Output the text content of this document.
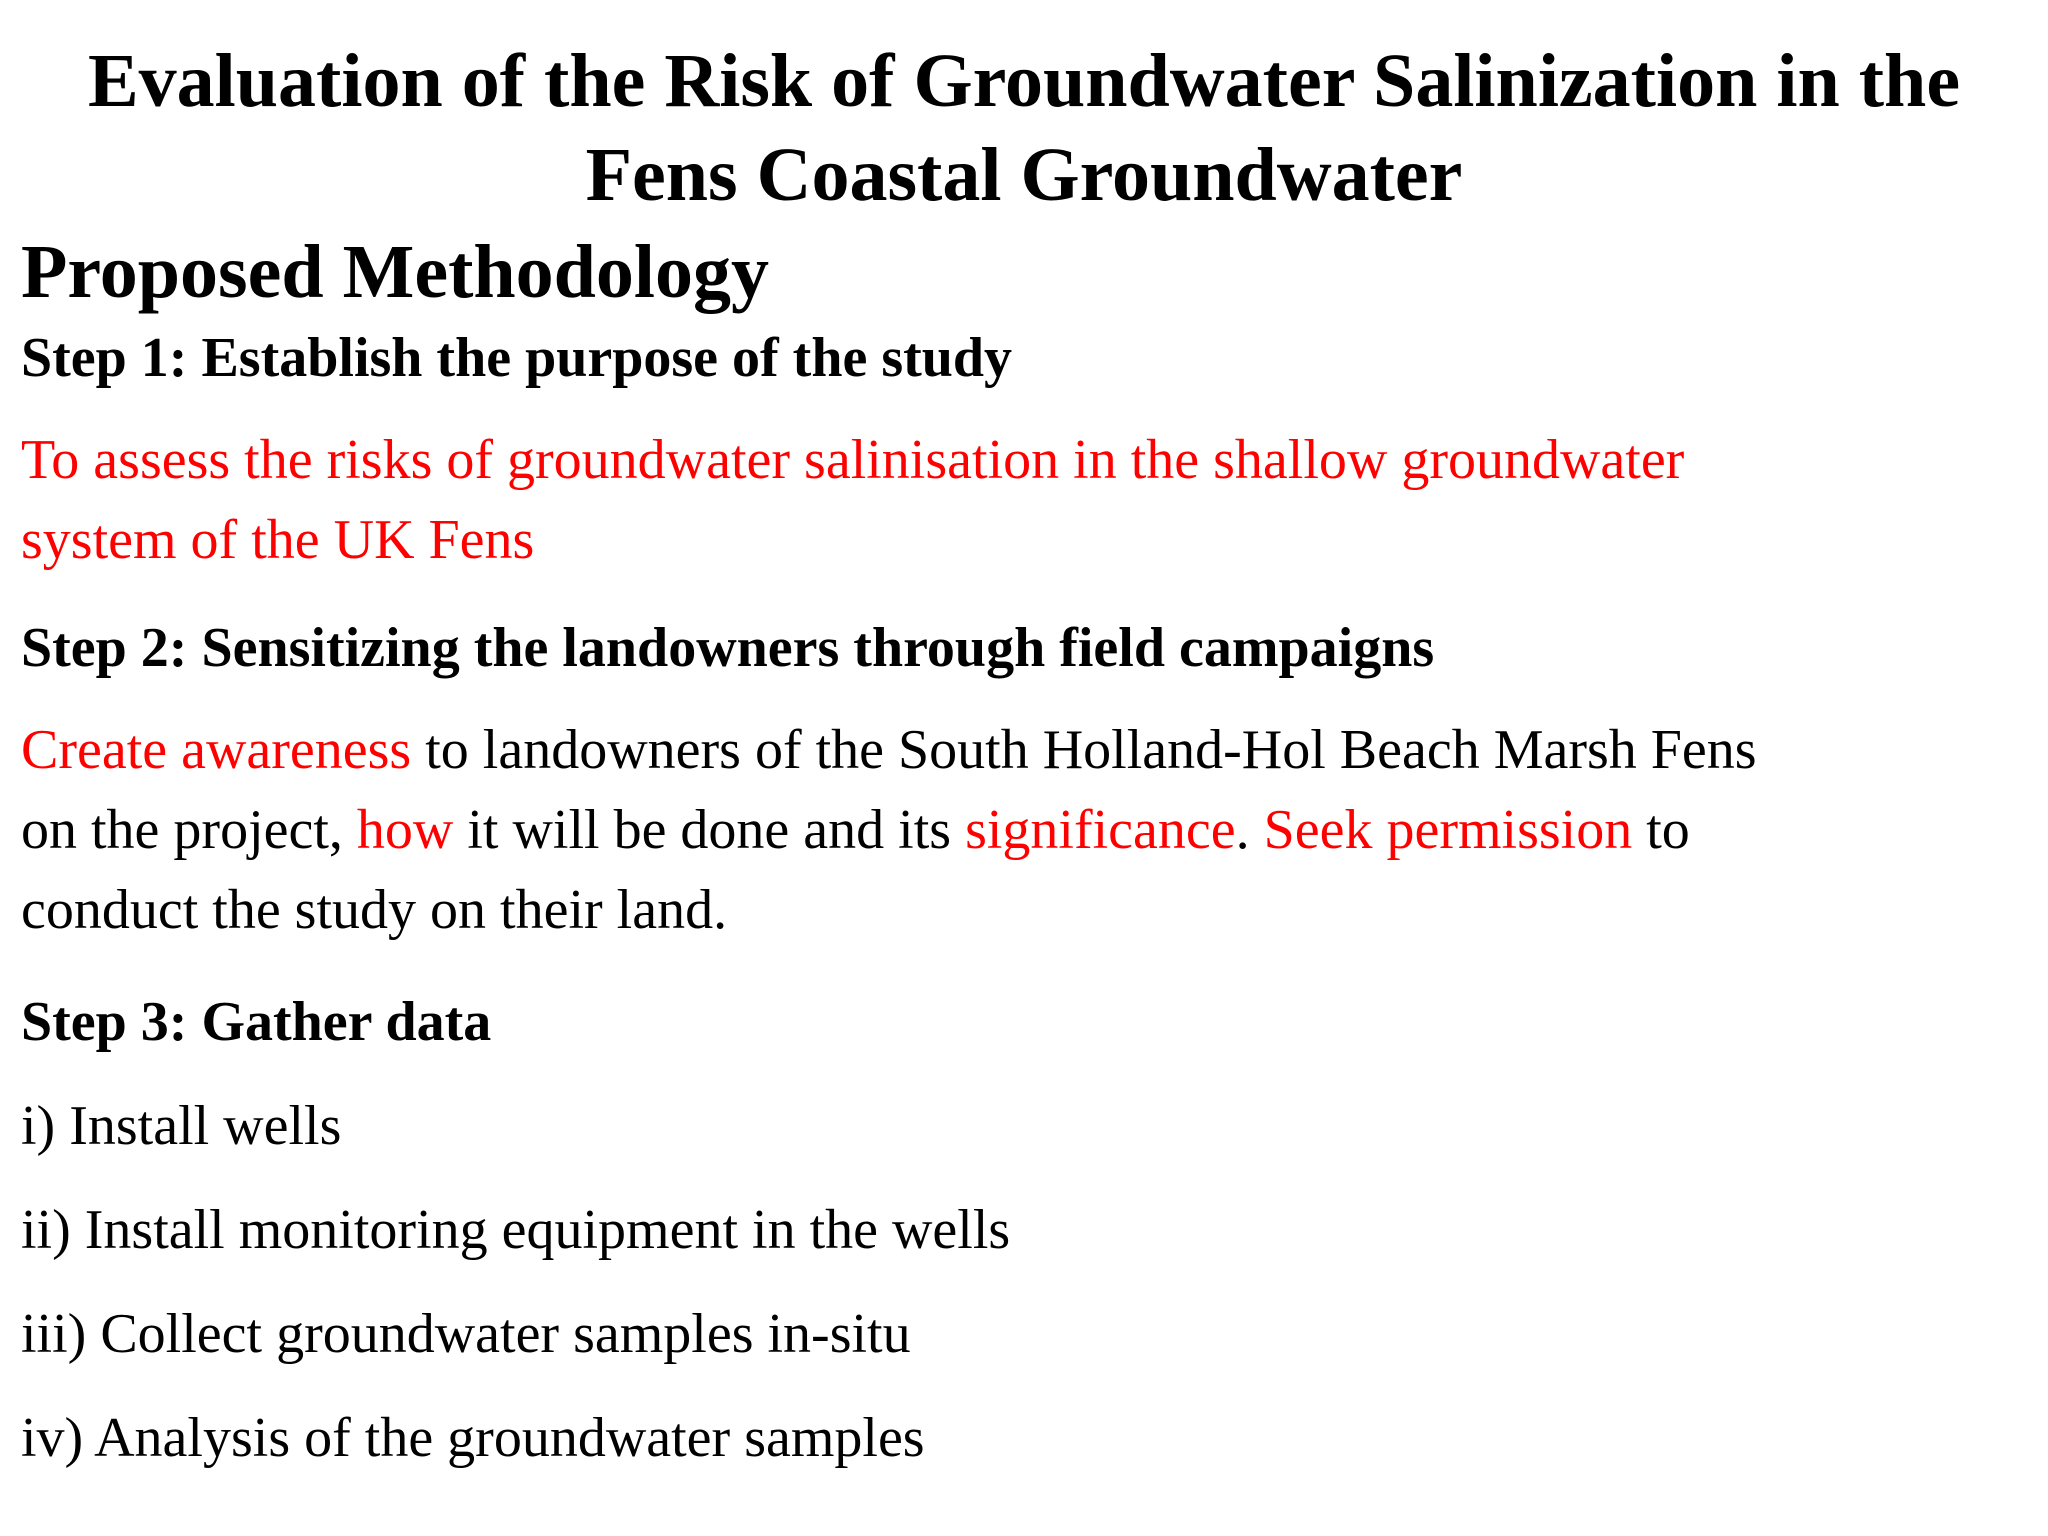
Evaluation of the Risk of Groundwater Salinization in the
Fens Coastal Groundwater
Proposed Methodology
Step 1: Establish the purpose of the study

To assess the risks of groundwater salinisation in the shallow groundwater
system of the UK Fens

Step 2: Sensitizing the landowners through field campaigns

Create awareness to landowners of the South Holland-Hol Beach Marsh Fens
on the project, how it will be done and its significance. Seek permission to
conduct the study on their land.

Step 3: Gather data

i) Install wells

ii) Install monitoring equipment in the wells

iii) Collect groundwater samples in-situ

iv) Analysis of the groundwater samples
